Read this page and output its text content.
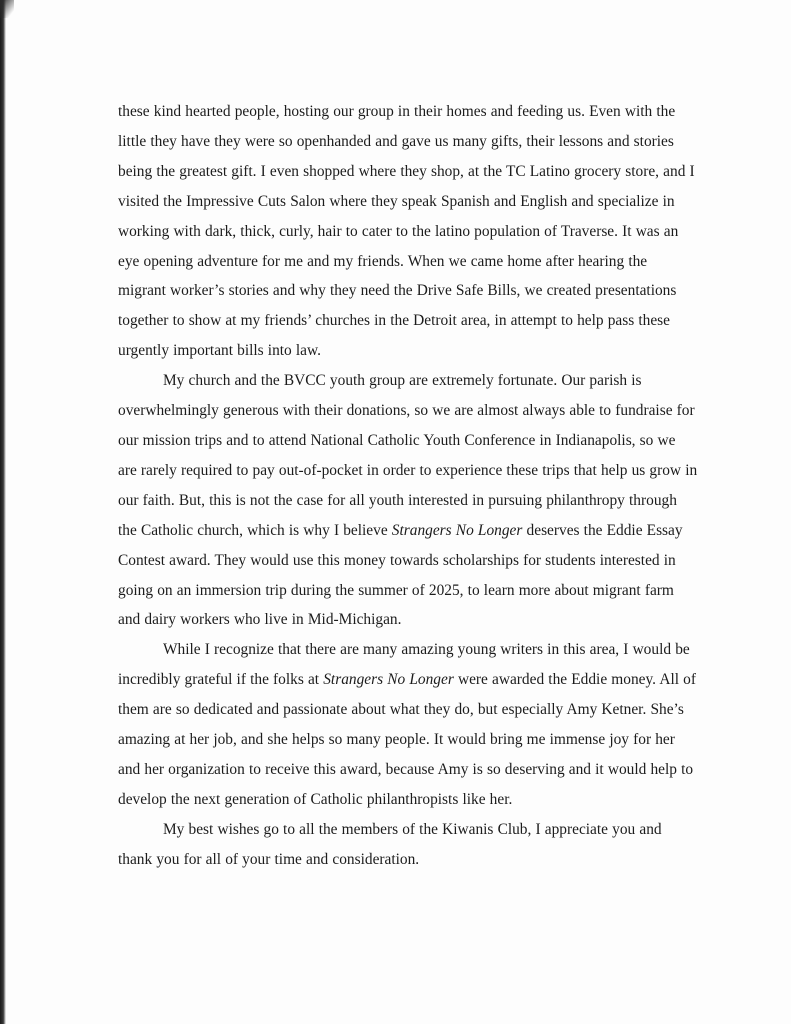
these kind hearted people, hosting our group in their homes and feeding us. Even with the little they have they were so openhanded and gave us many gifts, their lessons and stories being the greatest gift. I even shopped where they shop, at the TC Latino grocery store, and I visited the Impressive Cuts Salon where they speak Spanish and English and specialize in working with dark, thick, curly, hair to cater to the latino population of Traverse. It was an eye opening adventure for me and my friends. When we came home after hearing the migrant worker’s stories and why they need the Drive Safe Bills, we created presentations together to show at my friends’ churches in the Detroit area, in attempt to help pass these urgently important bills into law.

My church and the BVCC youth group are extremely fortunate. Our parish is overwhelmingly generous with their donations, so we are almost always able to fundraise for our mission trips and to attend National Catholic Youth Conference in Indianapolis, so we are rarely required to pay out-of-pocket in order to experience these trips that help us grow in our faith. But, this is not the case for all youth interested in pursuing philanthropy through the Catholic church, which is why I believe Strangers No Longer deserves the Eddie Essay Contest award. They would use this money towards scholarships for students interested in going on an immersion trip during the summer of 2025, to learn more about migrant farm and dairy workers who live in Mid-Michigan.

While I recognize that there are many amazing young writers in this area, I would be incredibly grateful if the folks at Strangers No Longer were awarded the Eddie money. All of them are so dedicated and passionate about what they do, but especially Amy Ketner. She’s amazing at her job, and she helps so many people. It would bring me immense joy for her and her organization to receive this award, because Amy is so deserving and it would help to develop the next generation of Catholic philanthropists like her.

My best wishes go to all the members of the Kiwanis Club, I appreciate you and thank you for all of your time and consideration.
